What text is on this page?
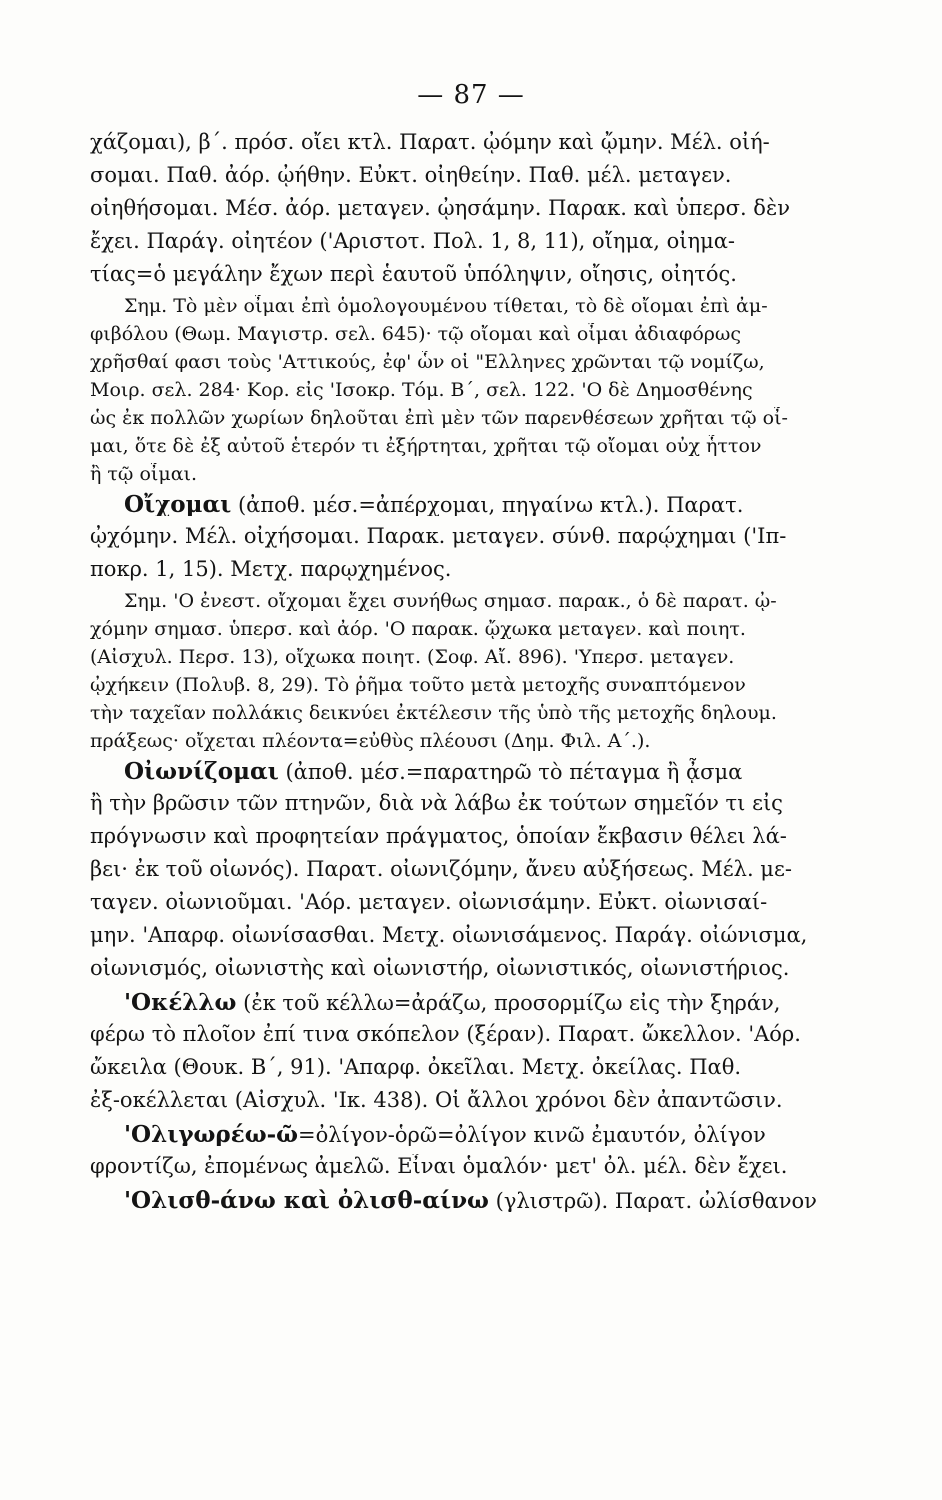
— 87 —
χάζομαι), β΄. πρόσ. οἴει κτλ. Παρατ. ᾠόμην καὶ ᾤμην. Μέλ. οἰή-
σομαι. Παθ. ἀόρ. ᾠήθην. Εὐκτ. οἰηθείην. Παθ. μέλ. μεταγεν.
οἰηθήσομαι. Μέσ. ἀόρ. μεταγεν. ᾠησάμην. Παρακ. καὶ ὑπερσ. δὲν
ἔχει. Παράγ. οἰητέον ('Αριστοτ. Πολ. 1, 8, 11), οἴημα, οἰημα-
τίας=ὁ μεγάλην ἔχων περὶ ἑαυτοῦ ὑπόληψιν, οἴησις, οἰητός.
Σημ. Τὸ μὲν οἶμαι ἐπὶ ὁμολογουμένου τίθεται, τὸ δὲ οἴομαι ἐπὶ ἀμ-
φιβόλου (Θωμ. Μαγιστρ. σελ. 645)· τῷ οἴομαι καὶ οἶμαι ἀδιαφόρως
χρῆσθαί φασι τοὺς 'Αττικούς, ἐφ' ὧν οἱ "Ελληνες χρῶνται τῷ νομίζω,
Μοιρ. σελ. 284· Κορ. εἰς 'Ισοκρ. Τόμ. Β΄, σελ. 122. 'Ο δὲ Δημοσθένης
ὡς ἐκ πολλῶν χωρίων δηλοῦται ἐπὶ μὲν τῶν παρενθέσεων χρῆται τῷ οἶ-
μαι, ὅτε δὲ ἐξ αὐτοῦ ἑτερόν τι ἐξήρτηται, χρῆται τῷ οἴομαι οὐχ ἧττον
ἢ τῷ οἶμαι.
Οἴχομαι (ἀποθ. μέσ.=ἀπέρχομαι, πηγαίνω κτλ.). Παρατ.
ᾠχόμην. Μέλ. οἰχήσομαι. Παρακ. μεταγεν. σύνθ. παρῴχημαι ('Ιπ-
ποκρ. 1, 15). Μετχ. παρῳχημένος.
Σημ. 'Ο ἐνεστ. οἴχομαι ἔχει συνήθως σημασ. παρακ., ὁ δὲ παρατ. ᾠ-
χόμην σημασ. ὑπερσ. καὶ ἀόρ. 'Ο παρακ. ᾤχωκα μεταγεν. καὶ ποιητ.
(Αἰσχυλ. Περσ. 13), οἴχωκα ποιητ. (Σοφ. Αἴ. 896). 'Υπερσ. μεταγεν.
ᾠχήκειν (Πολυβ. 8, 29). Τὸ ῥῆμα τοῦτο μετὰ μετοχῆς συναπτόμενον
τὴν ταχεῖαν πολλάκις δεικνύει ἐκτέλεσιν τῆς ὑπὸ τῆς μετοχῆς δηλουμ.
πράξεως· οἴχεται πλέοντα=εὐθὺς πλέουσι (Δημ. Φιλ. Α΄.).
Οἰωνίζομαι (ἀποθ. μέσ.=παρατηρῶ τὸ πέταγμα ἢ ᾆσμα
ἢ τὴν βρῶσιν τῶν πτηνῶν, διὰ νὰ λάβω ἐκ τούτων σημεῖόν τι εἰς
πρόγνωσιν καὶ προφητείαν πράγματος, ὁποίαν ἔκβασιν θέλει λά-
βει· ἐκ τοῦ οἰωνός). Παρατ. οἰωνιζόμην, ἄνευ αὐξήσεως. Μέλ. με-
ταγεν. οἰωνιοῦμαι. 'Αόρ. μεταγεν. οἰωνισάμην. Εὐκτ. οἰωνισαί-
μην. 'Απαρφ. οἰωνίσασθαι. Μετχ. οἰωνισάμενος. Παράγ. οἰώνισμα,
οἰωνισμός, οἰωνιστὴς καὶ οἰωνιστήρ, οἰωνιστικός, οἰωνιστήριος.
'Οκέλλω (ἐκ τοῦ κέλλω=ἀράζω, προσορμίζω εἰς τὴν ξηράν,
φέρω τὸ πλοῖον ἐπί τινα σκόπελον (ξέραν). Παρατ. ὤκελλον. 'Αόρ.
ὤκειλα (Θουκ. Β΄, 91). 'Απαρφ. ὀκεῖλαι. Μετχ. ὀκείλας. Παθ.
ἐξ-οκέλλεται (Αἰσχυλ. 'Ικ. 438). Οἱ ἄλλοι χρόνοι δὲν ἀπαντῶσιν.
'Ολιγωρέω-ῶ=ὀλίγον-ὁρῶ=ὀλίγον κινῶ ἐμαυτόν, ὀλίγον
φροντίζω, ἐπομένως ἀμελῶ. Εἶναι ὁμαλόν· μετ' ὀλ. μέλ. δὲν ἔχει.
'Ολισθ-άνω καὶ ὀλισθ-αίνω (γλιστρῶ). Παρατ. ὠλίσθανον
